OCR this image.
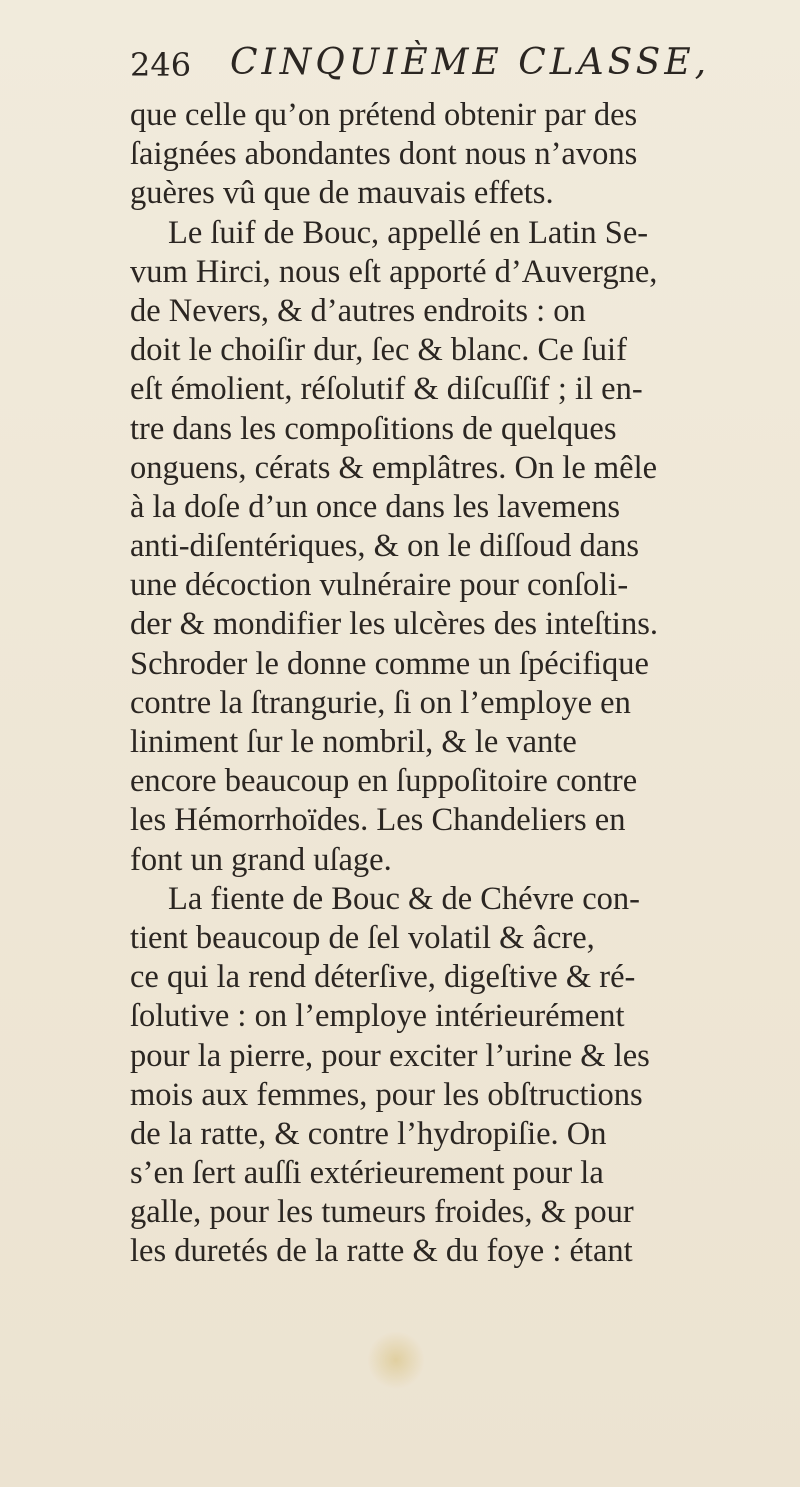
246 CINQUIÈME CLASSE,
que celle qu’on prétend obtenir par des
ſaignées abondantes dont nous n’avons
guères vû que de mauvais effets.
Le ſuif de Bouc, appellé en Latin Se-
vum Hirci, nous eſt apporté d’Auvergne,
de Nevers, & d’autres endroits : on
doit le choiſir dur, ſec & blanc. Ce ſuif
eſt émolient, réſolutif & diſcuſſif ; il en-
tre dans les compoſitions de quelques
onguens, cérats & emplâtres. On le mêle
à la doſe d’un once dans les lavemens
anti-diſentériques, & on le diſſoud dans
une décoction vulnéraire pour conſoli-
der & mondifier les ulcères des inteſtins.
Schroder le donne comme un ſpécifique
contre la ſtrangurie, ſi on l’employe en
liniment ſur le nombril, & le vante
encore beaucoup en ſuppoſitoire contre
les Hémorrhoïdes. Les Chandeliers en
font un grand uſage.
La fiente de Bouc & de Chévre con-
tient beaucoup de ſel volatil & âcre,
ce qui la rend déterſive, digeſtive & ré-
ſolutive : on l’employe intérieurément
pour la pierre, pour exciter l’urine & les
mois aux femmes, pour les obſtructions
de la ratte, & contre l’hydropiſie. On
s’en ſert auſſi extérieurement pour la
galle, pour les tumeurs froides, & pour
les duretés de la ratte & du foye : étant
